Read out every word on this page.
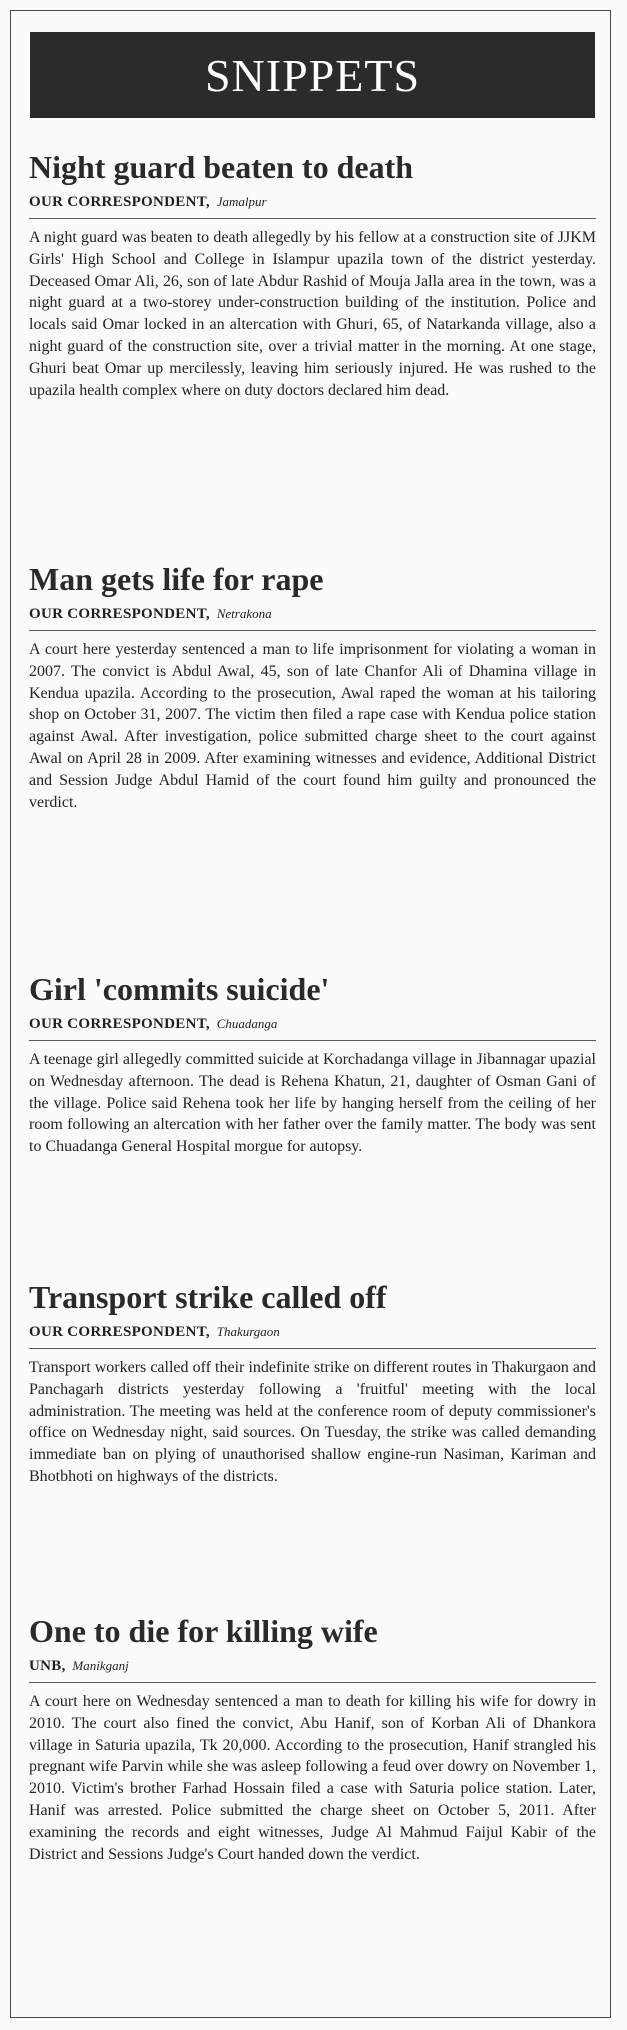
SNIPPETS
Night guard beaten to death
OUR CORRESPONDENT, Jamalpur
A night guard was beaten to death allegedly by his fellow at a construction site of JJKM Girls' High School and College in Islampur upazila town of the district yesterday. Deceased Omar Ali, 26, son of late Abdur Rashid of Mouja Jalla area in the town, was a night guard at a two-storey under-construction building of the institution. Police and locals said Omar locked in an altercation with Ghuri, 65, of Natarkanda village, also a night guard of the construction site, over a trivial matter in the morning. At one stage, Ghuri beat Omar up mercilessly, leaving him seriously injured. He was rushed to the upazila health complex where on duty doctors declared him dead.
Man gets life for rape
OUR CORRESPONDENT, Netrakona
A court here yesterday sentenced a man to life imprisonment for violating a woman in 2007. The convict is Abdul Awal, 45, son of late Chanfor Ali of Dhamina village in Kendua upazila. According to the prosecution, Awal raped the woman at his tailoring shop on October 31, 2007. The victim then filed a rape case with Kendua police station against Awal. After investigation, police submitted charge sheet to the court against Awal on April 28 in 2009. After examining witnesses and evidence, Additional District and Session Judge Abdul Hamid of the court found him guilty and pronounced the verdict.
Girl 'commits suicide'
OUR CORRESPONDENT, Chuadanga
A teenage girl allegedly committed suicide at Korchadanga village in Jibannagar upazial on Wednesday afternoon. The dead is Rehena Khatun, 21, daughter of Osman Gani of the village. Police said Rehena took her life by hanging herself from the ceiling of her room following an altercation with her father over the family matter. The body was sent to Chuadanga General Hospital morgue for autopsy.
Transport strike called off
OUR CORRESPONDENT, Thakurgaon
Transport workers called off their indefinite strike on different routes in Thakurgaon and Panchagarh districts yesterday following a 'fruitful' meeting with the local administration. The meeting was held at the conference room of deputy commissioner's office on Wednesday night, said sources. On Tuesday, the strike was called demanding immediate ban on plying of unauthorised shallow engine-run Nasiman, Kariman and Bhotbhoti on highways of the districts.
One to die for killing wife
UNB, Manikganj
A court here on Wednesday sentenced a man to death for killing his wife for dowry in 2010. The court also fined the convict, Abu Hanif, son of Korban Ali of Dhankora village in Saturia upazila, Tk 20,000. According to the prosecution, Hanif strangled his pregnant wife Parvin while she was asleep following a feud over dowry on November 1, 2010. Victim's brother Farhad Hossain filed a case with Saturia police station. Later, Hanif was arrested. Police submitted the charge sheet on October 5, 2011. After examining the records and eight witnesses, Judge Al Mahmud Faijul Kabir of the District and Sessions Judge's Court handed down the verdict.
